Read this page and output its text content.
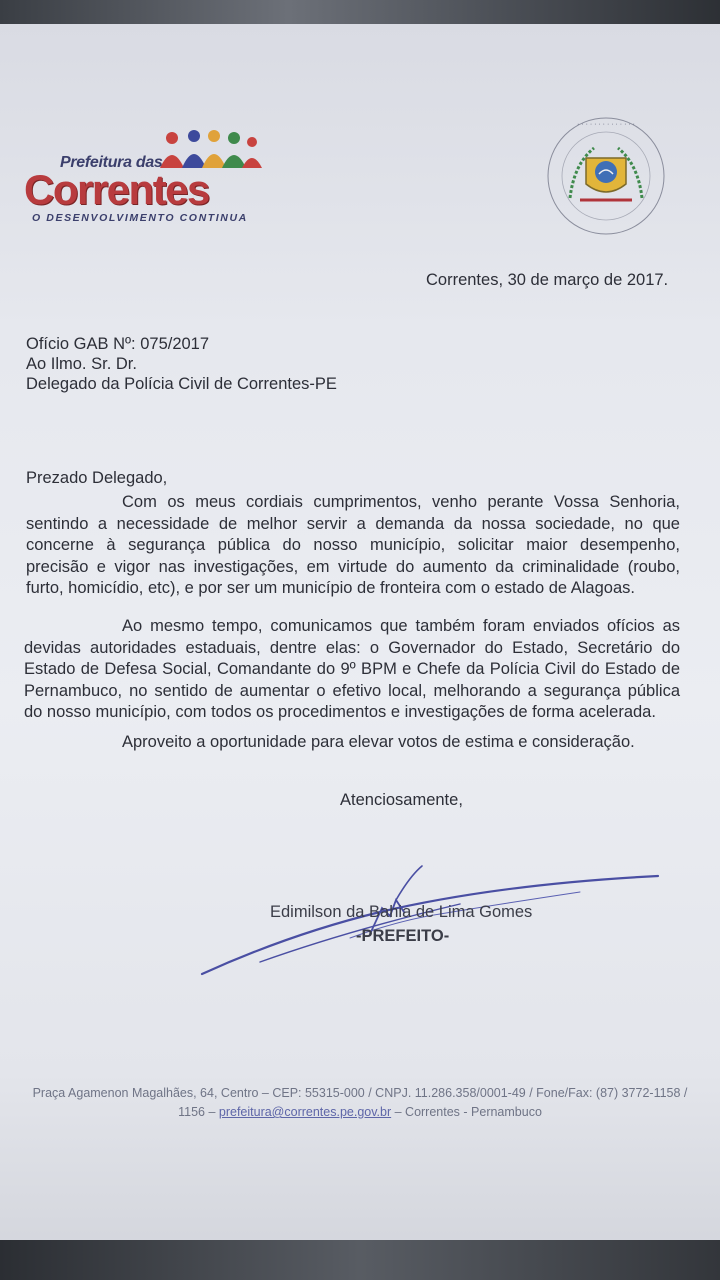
Prefeitura das
Correntes
O DESENVOLVIMENTO CONTINUA
· · · · · · · · · · · · · ·
Correntes, 30 de março de 2017.
Ofício GAB Nº: 075/2017
Ao Ilmo. Sr. Dr.
Delegado da Polícia Civil de Correntes-PE
Prezado Delegado,
Com os meus cordiais cumprimentos, venho perante Vossa Senhoria,
sentindo a necessidade de melhor servir a demanda da nossa sociedade, no que
concerne à segurança pública do nosso município, solicitar maior desempenho,
precisão e vigor nas investigações, em virtude do aumento da criminalidade (roubo,
furto, homicídio, etc), e por ser um município de fronteira com o estado de Alagoas.
Ao mesmo tempo, comunicamos que também foram enviados ofícios as
devidas autoridades estaduais, dentre elas: o Governador do Estado, Secretário do
Estado de Defesa Social, Comandante do 9º BPM e Chefe da Polícia Civil do Estado de
Pernambuco, no sentido de aumentar o efetivo local, melhorando a segurança pública
do nosso município, com todos os procedimentos e investigações de forma acelerada.
Aproveito a oportunidade para elevar votos de estima e consideração.
Atenciosamente,
Edimilson da Bahia de Lima Gomes
-PREFEITO-
Praça Agamenon Magalhães, 64, Centro – CEP: 55315-000 / CNPJ. 11.286.358/0001-49 / Fone/Fax: (87) 3772-1158 /
1156 – prefeitura@correntes.pe.gov.br – Correntes - Pernambuco
